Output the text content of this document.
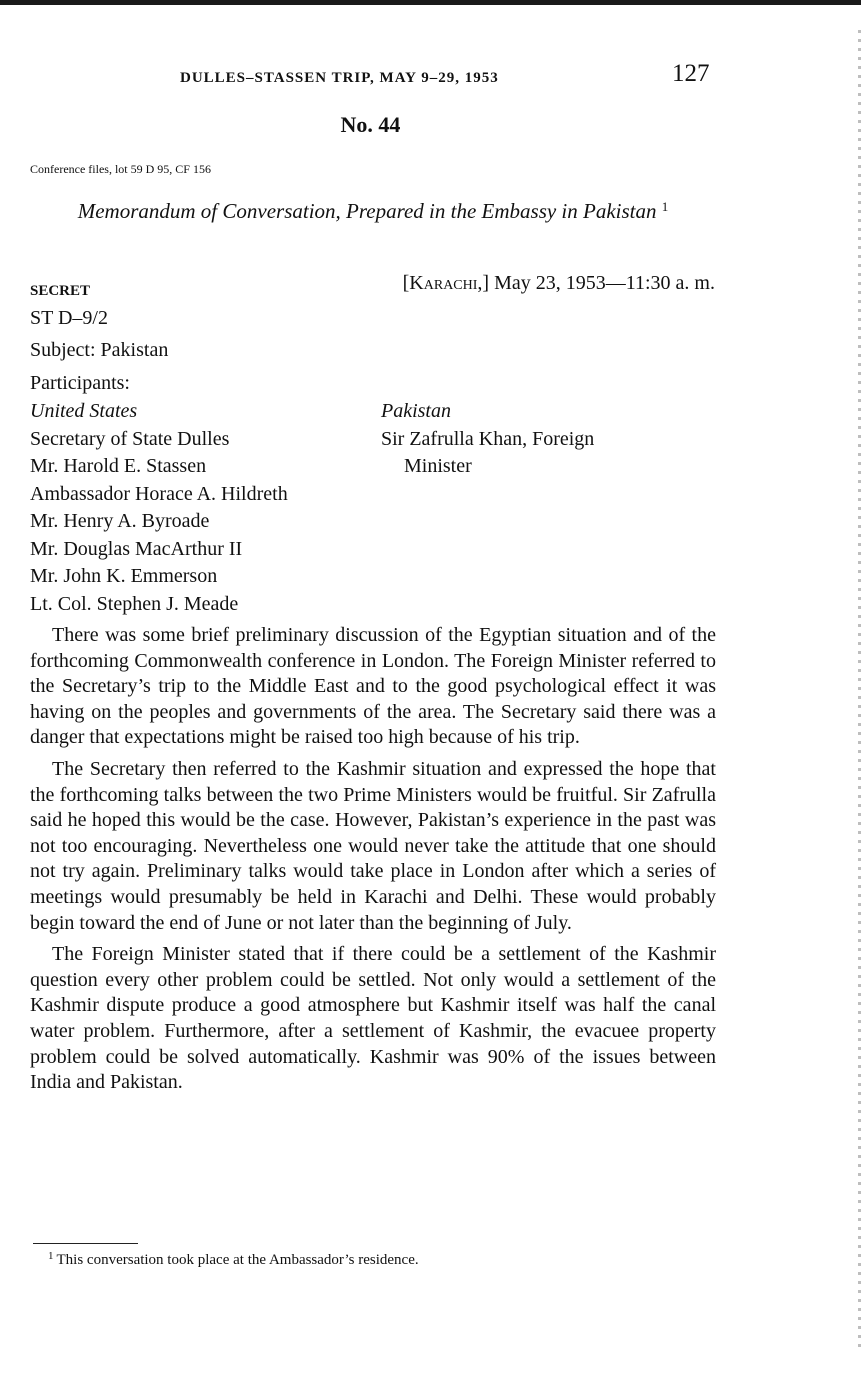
DULLES–STASSEN TRIP, MAY 9–29, 1953	127
No. 44
Conference files, lot 59 D 95, CF 156
Memorandum of Conversation, Prepared in the Embassy in Pakistan $^1$
SECRET	[Karachi,] May 23, 1953—11:30 a. m.
ST D–9/2
Subject: Pakistan
Participants:
United States
Secretary of State Dulles
Mr. Harold E. Stassen
Ambassador Horace A. Hildreth
Mr. Henry A. Byroade
Mr. Douglas MacArthur II
Mr. John K. Emmerson
Lt. Col. Stephen J. Meade
Pakistan
Sir Zafrulla Khan, Foreign
Minister

There was some brief preliminary discussion of the Egyptian situation and of the forthcoming Commonwealth conference in London. The Foreign Minister referred to the Secretary’s trip to the Middle East and to the good psychological effect it was having on the peoples and governments of the area. The Secretary said there was a danger that expectations might be raised too high because of his trip.

The Secretary then referred to the Kashmir situation and expressed the hope that the forthcoming talks between the two Prime Ministers would be fruitful. Sir Zafrulla said he hoped this would be the case. However, Pakistan’s experience in the past was not too encouraging. Nevertheless one would never take the attitude that one should not try again. Preliminary talks would take place in London after which a series of meetings would presumably be held in Karachi and Delhi. These would probably begin toward the end of June or not later than the beginning of July.

The Foreign Minister stated that if there could be a settlement of the Kashmir question every other problem could be settled. Not only would a settlement of the Kashmir dispute produce a good atmosphere but Kashmir itself was half the canal water problem. Furthermore, after a settlement of Kashmir, the evacuee property problem could be solved automatically. Kashmir was 90% of the issues between India and Pakistan.

$^1$ This conversation took place at the Ambassador’s residence.
